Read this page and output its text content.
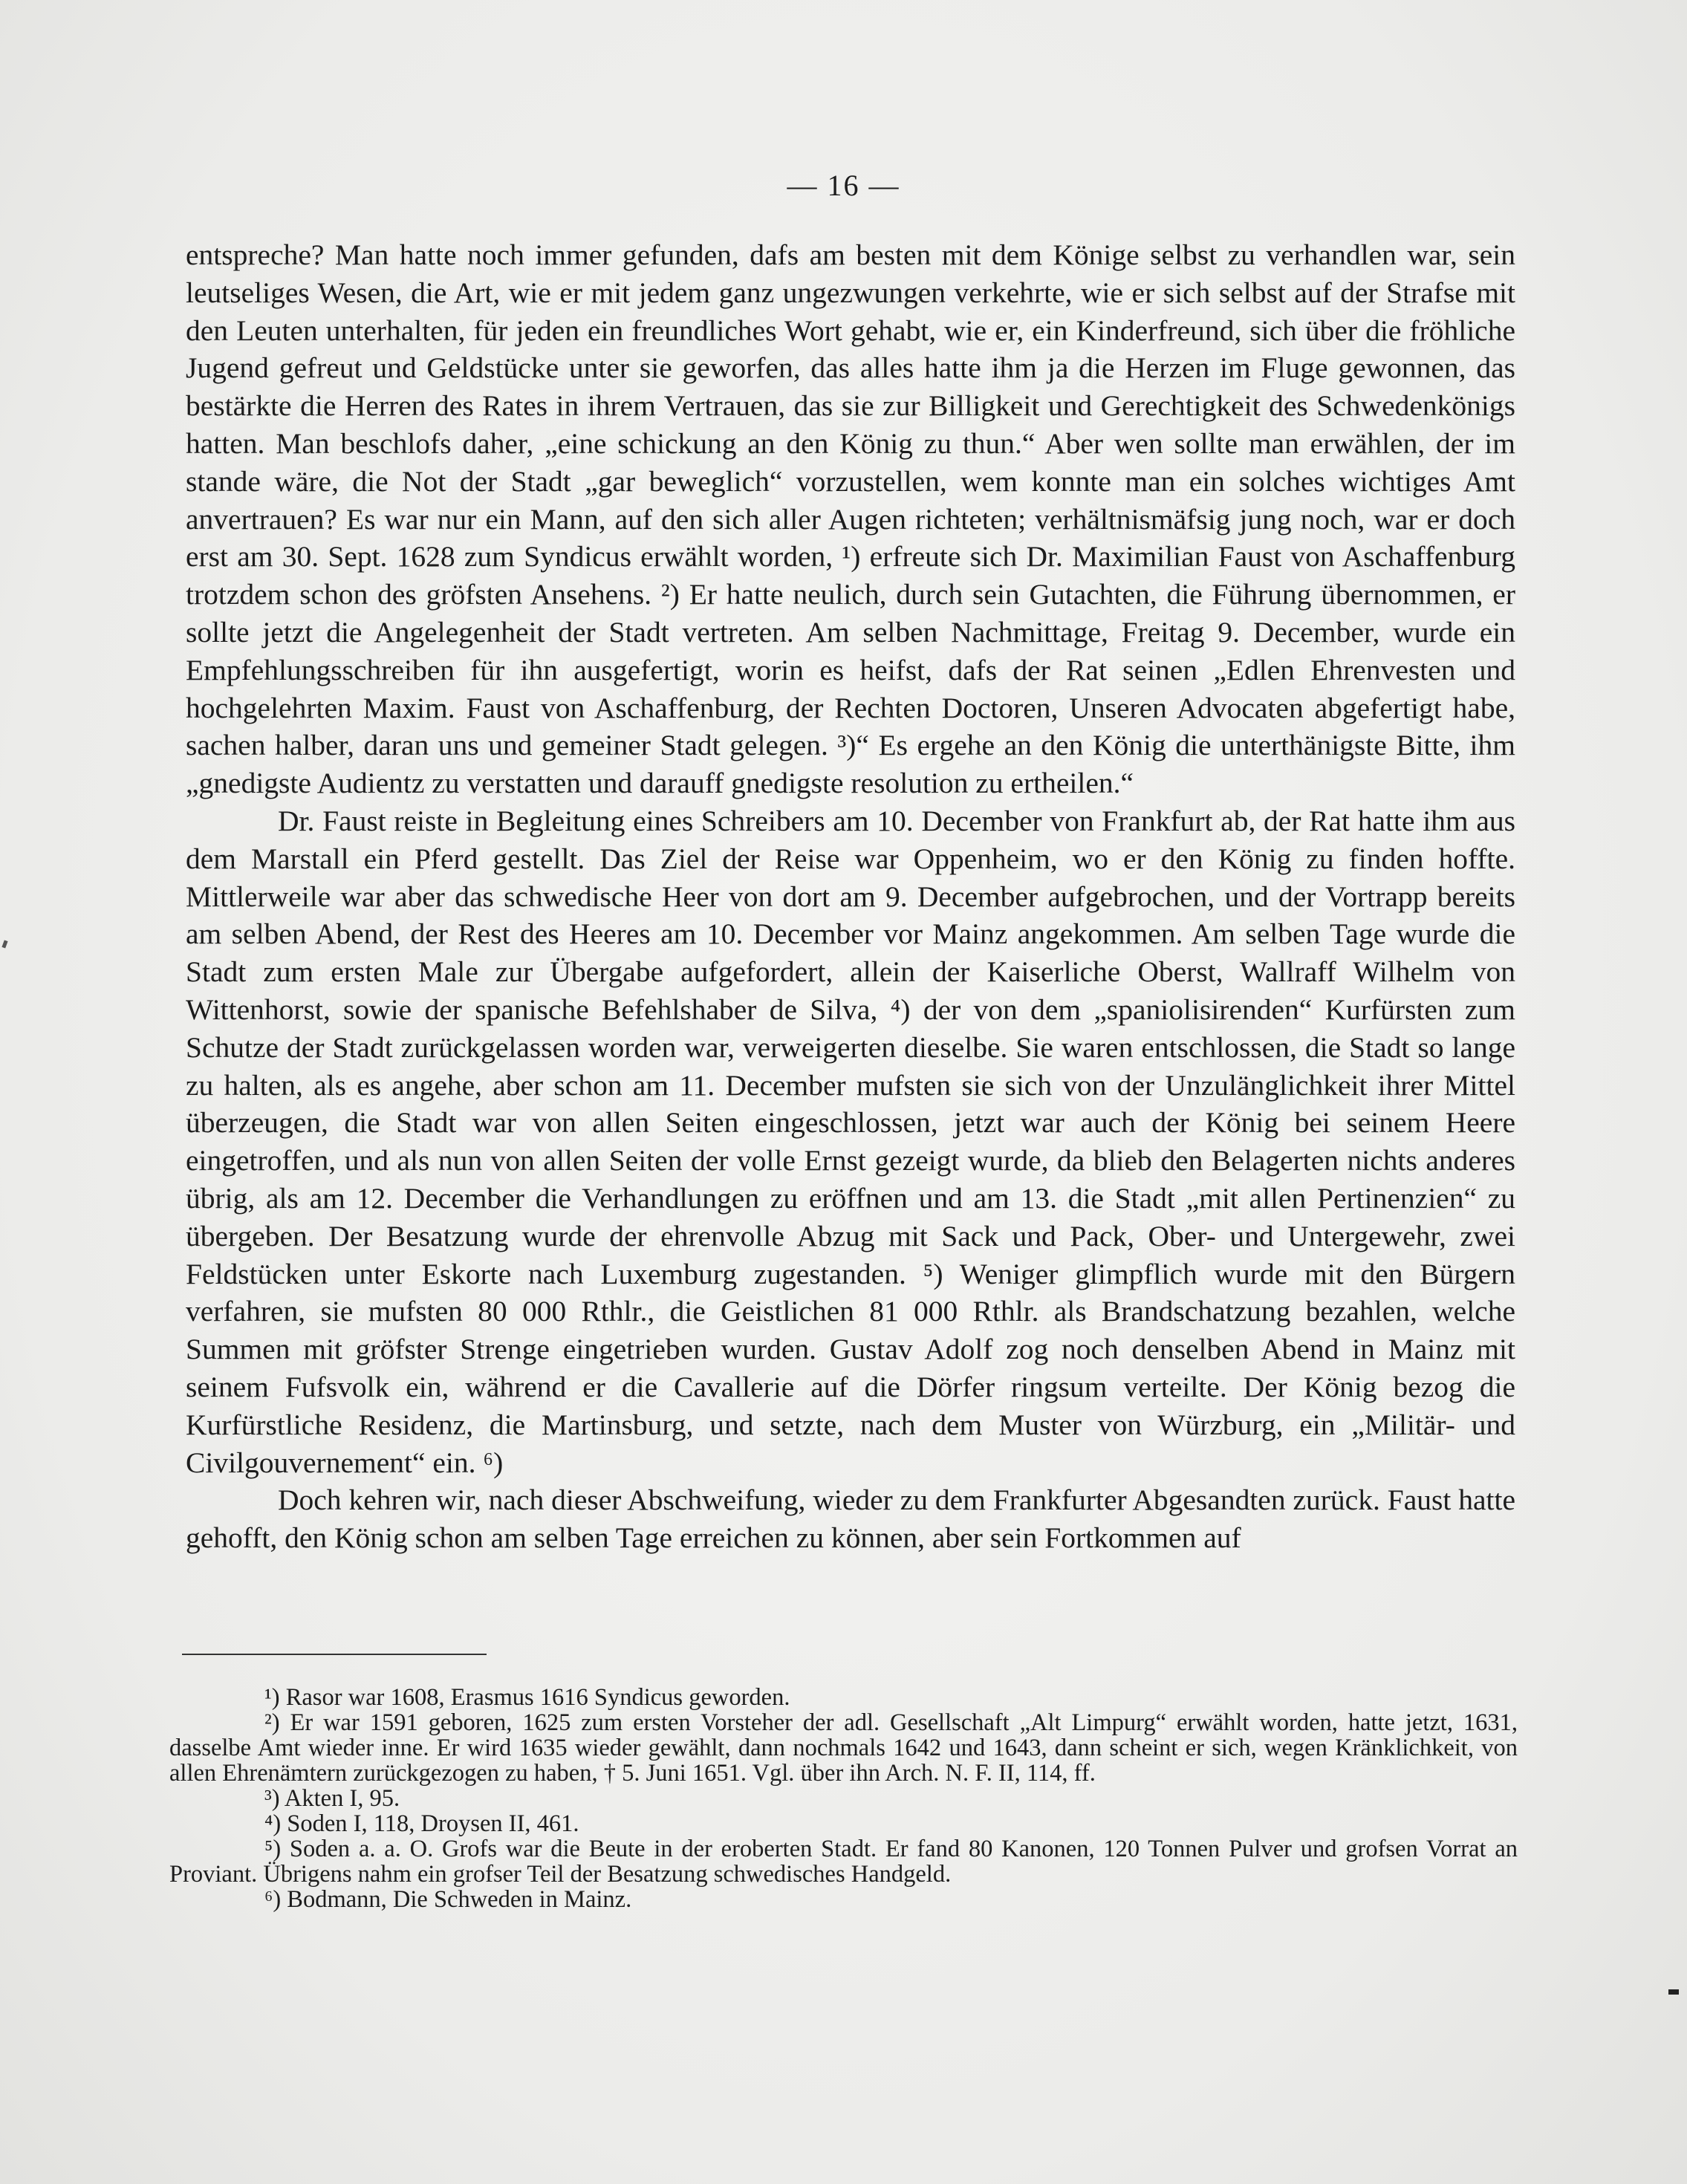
— 16 —

entspreche? Man hatte noch immer gefunden, dafs am besten mit dem Könige selbst zu verhandlen war, sein leutseliges Wesen, die Art, wie er mit jedem ganz ungezwungen verkehrte, wie er sich selbst auf der Strafse mit den Leuten unterhalten, für jeden ein freundliches Wort gehabt, wie er, ein Kinderfreund, sich über die fröhliche Jugend gefreut und Geldstücke unter sie geworfen, das alles hatte ihm ja die Herzen im Fluge gewonnen, das bestärkte die Herren des Rates in ihrem Vertrauen, das sie zur Billigkeit und Gerechtigkeit des Schwedenkönigs hatten. Man beschlofs daher, „eine schickung an den König zu thun.“ Aber wen sollte man erwählen, der im stande wäre, die Not der Stadt „gar beweglich“ vorzustellen, wem konnte man ein solches wichtiges Amt anvertrauen? Es war nur ein Mann, auf den sich aller Augen richteten; verhältnismäfsig jung noch, war er doch erst am 30. Sept. 1628 zum Syndicus erwählt worden, ¹) erfreute sich Dr. Maximilian Faust von Aschaffenburg trotzdem schon des gröfsten Ansehens. ²) Er hatte neulich, durch sein Gutachten, die Führung übernommen, er sollte jetzt die Angelegenheit der Stadt vertreten. Am selben Nachmittage, Freitag 9. December, wurde ein Empfehlungsschreiben für ihn ausgefertigt, worin es heifst, dafs der Rat seinen „Edlen Ehrenvesten und hochgelehrten Maxim. Faust von Aschaffenburg, der Rechten Doctoren, Unseren Advocaten abgefertigt habe, sachen halber, daran uns und gemeiner Stadt gelegen. ³)“ Es ergehe an den König die unterthänigste Bitte, ihm „gnedigste Audientz zu verstatten und darauff gnedigste resolution zu ertheilen.“

Dr. Faust reiste in Begleitung eines Schreibers am 10. December von Frankfurt ab, der Rat hatte ihm aus dem Marstall ein Pferd gestellt. Das Ziel der Reise war Oppenheim, wo er den König zu finden hoffte. Mittlerweile war aber das schwedische Heer von dort am 9. December aufgebrochen, und der Vortrapp bereits am selben Abend, der Rest des Heeres am 10. December vor Mainz angekommen. Am selben Tage wurde die Stadt zum ersten Male zur Übergabe aufgefordert, allein der Kaiserliche Oberst, Wallraff Wilhelm von Wittenhorst, sowie der spanische Befehlshaber de Silva, ⁴) der von dem „spaniolisirenden“ Kurfürsten zum Schutze der Stadt zurückgelassen worden war, verweigerten dieselbe. Sie waren entschlossen, die Stadt so lange zu halten, als es angehe, aber schon am 11. December mufsten sie sich von der Unzulänglichkeit ihrer Mittel überzeugen, die Stadt war von allen Seiten eingeschlossen, jetzt war auch der König bei seinem Heere eingetroffen, und als nun von allen Seiten der volle Ernst gezeigt wurde, da blieb den Belagerten nichts anderes übrig, als am 12. December die Verhandlungen zu eröffnen und am 13. die Stadt „mit allen Pertinenzien“ zu übergeben. Der Besatzung wurde der ehrenvolle Abzug mit Sack und Pack, Ober- und Untergewehr, zwei Feldstücken unter Eskorte nach Luxemburg zugestanden. ⁵) Weniger glimpflich wurde mit den Bürgern verfahren, sie mufsten 80 000 Rthlr., die Geistlichen 81 000 Rthlr. als Brandschatzung bezahlen, welche Summen mit gröfster Strenge eingetrieben wurden. Gustav Adolf zog noch denselben Abend in Mainz mit seinem Fufsvolk ein, während er die Cavallerie auf die Dörfer ringsum verteilte. Der König bezog die Kurfürstliche Residenz, die Martinsburg, und setzte, nach dem Muster von Würzburg, ein „Militär- und Civilgouvernement“ ein. ⁶)

Doch kehren wir, nach dieser Abschweifung, wieder zu dem Frankfurter Abgesandten zurück. Faust hatte gehofft, den König schon am selben Tage erreichen zu können, aber sein Fortkommen auf

¹) Rasor war 1608, Erasmus 1616 Syndicus geworden.

²) Er war 1591 geboren, 1625 zum ersten Vorsteher der adl. Gesellschaft „Alt Limpurg“ erwählt worden, hatte jetzt, 1631, dasselbe Amt wieder inne. Er wird 1635 wieder gewählt, dann nochmals 1642 und 1643, dann scheint er sich, wegen Kränklichkeit, von allen Ehrenämtern zurückgezogen zu haben, † 5. Juni 1651. Vgl. über ihn Arch. N. F. II, 114, ff.

³) Akten I, 95.

⁴) Soden I, 118, Droysen II, 461.

⁵) Soden a. a. O. Grofs war die Beute in der eroberten Stadt. Er fand 80 Kanonen, 120 Tonnen Pulver und grofsen Vorrat an Proviant. Übrigens nahm ein grofser Teil der Besatzung schwedisches Handgeld.

⁶) Bodmann, Die Schweden in Mainz.
